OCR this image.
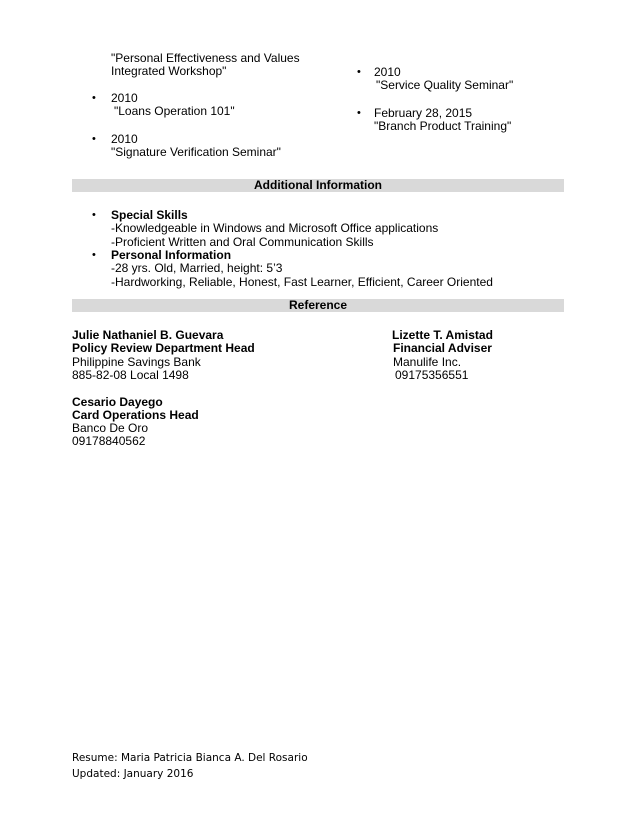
"Personal Effectiveness and Values
Integrated Workshop"
• 2010
"Loans Operation 101"
• 2010
"Signature Verification Seminar"
• 2010
"Service Quality Seminar"
• February 28, 2015
"Branch Product Training"
Additional Information
• Special Skills
-Knowledgeable in Windows and Microsoft Office applications
-Proficient Written and Oral Communication Skills
• Personal Information
-28 yrs. Old, Married, height: 5’3
-Hardworking, Reliable, Honest, Fast Learner, Efficient, Career Oriented
Reference
Julie Nathaniel B. Guevara
Policy Review Department Head
Philippine Savings Bank
885-82-08 Local 1498
Lizette T. Amistad
Financial Adviser
Manulife Inc.
09175356551
Cesario Dayego
Card Operations Head
Banco De Oro
09178840562
Resume: Maria Patricia Bianca A. Del Rosario
Updated: January 2016
